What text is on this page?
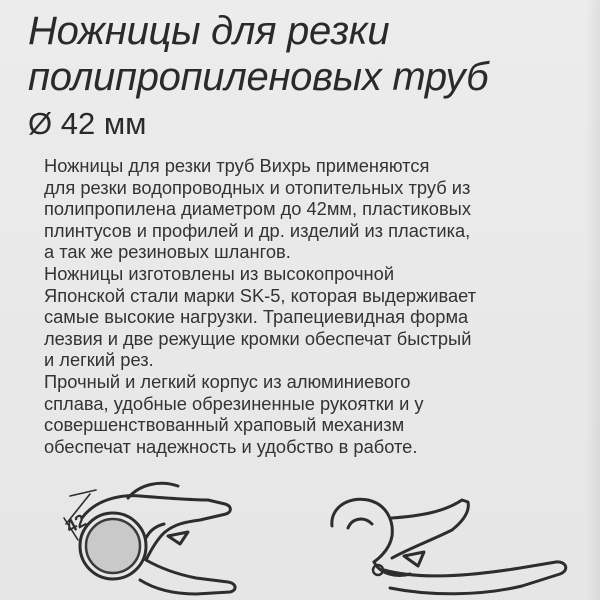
Ножницы для резки
полипропиленовых труб
Ø 42 мм
Ножницы для резки труб Вихрь применяются
для резки водопроводных и отопительных труб из
полипропилена диаметром до 42мм, пластиковых
плинтусов и профилей и др. изделий из пластика,
а так же резиновых шлангов.
Ножницы изготовлены из высокопрочной
Японской стали марки SK-5, которая выдерживает
самые высокие нагрузки. Трапециевидная форма
лезвия и две режущие кромки обеспечат быстрый
и легкий рез.
Прочный и легкий корпус из алюминиевого
сплава, удобные обрезиненные рукоятки и у
совершенствованный храповый механизм
обеспечат надежность и удобство в работе.
42
